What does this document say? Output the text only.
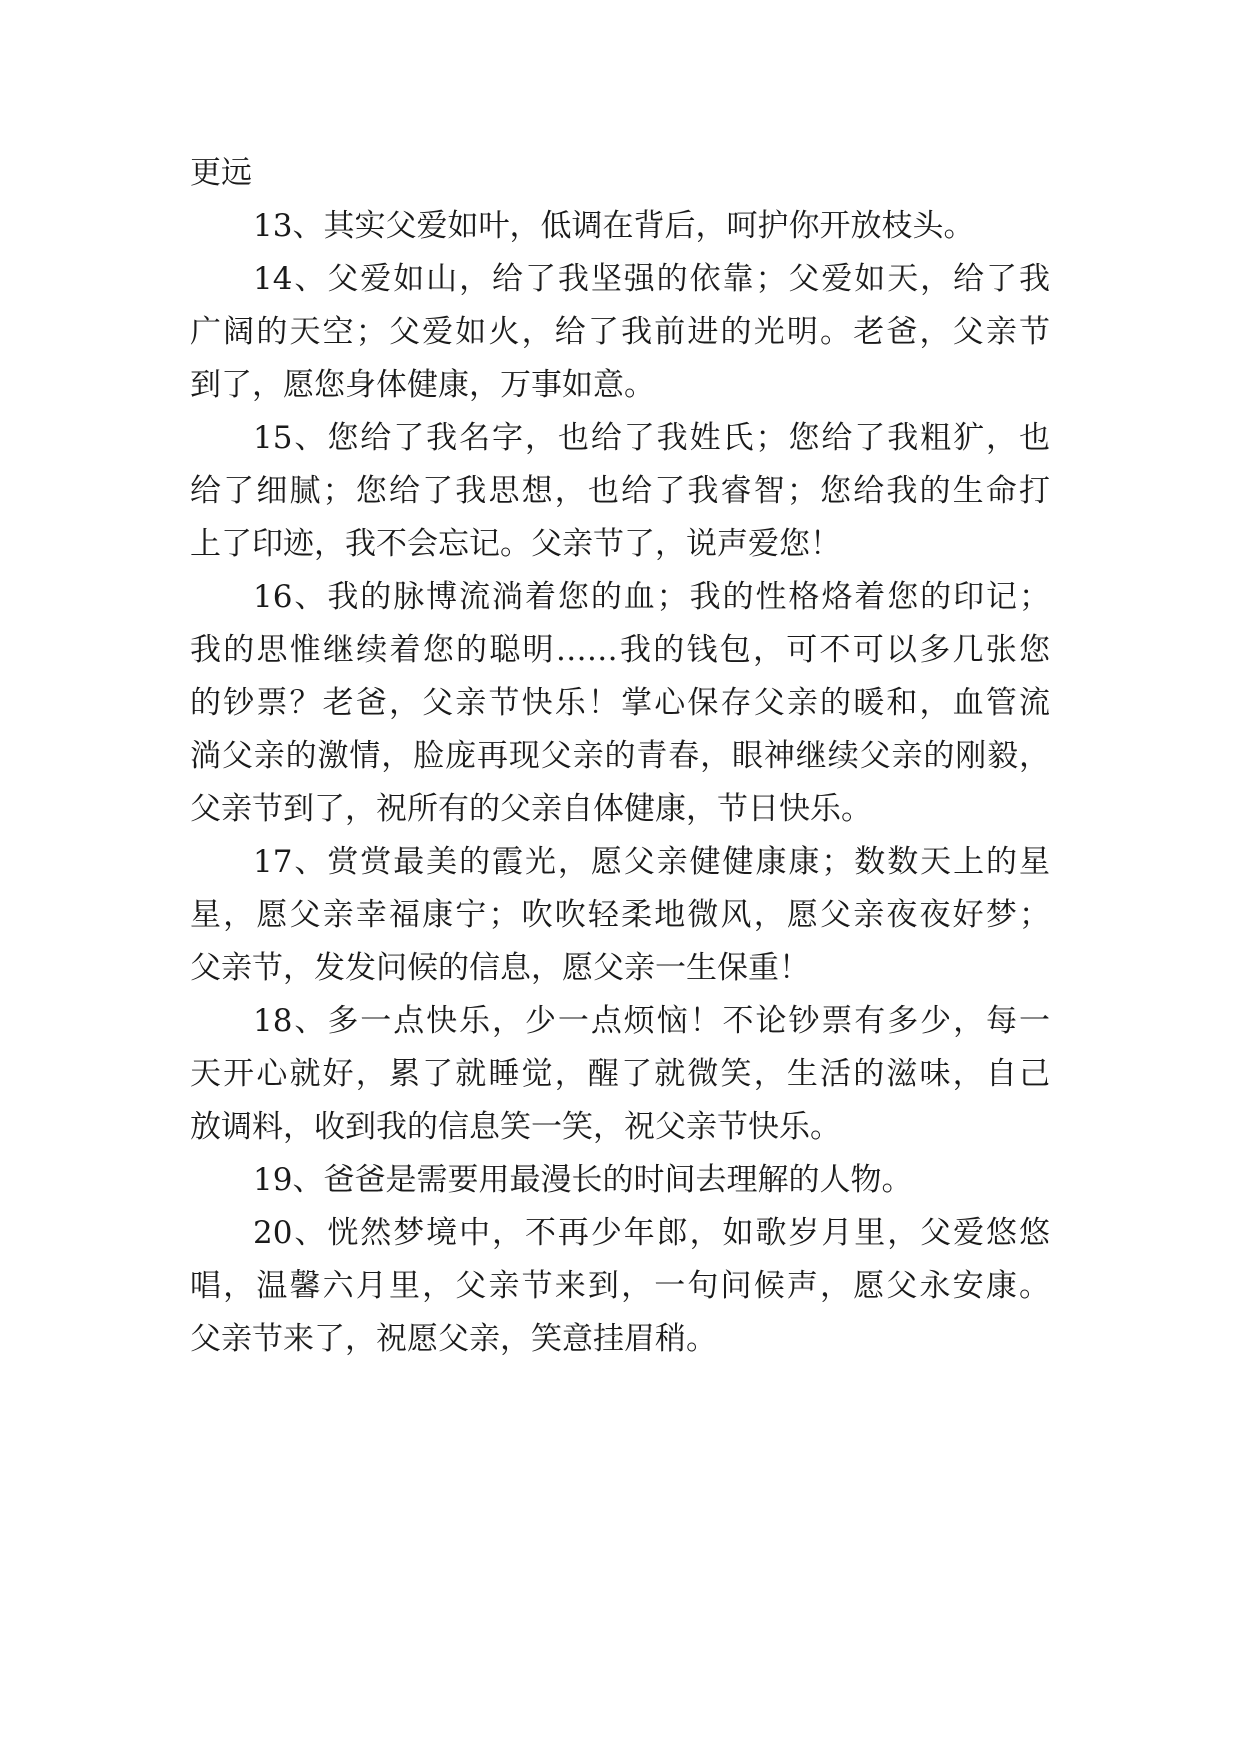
更远
13、其实父爱如叶，低调在背后，呵护你开放枝头。
14、父爱如山，给了我坚强的依靠；父爱如天，给了我
广阔的天空；父爱如火，给了我前进的光明。老爸，父亲节
到了，愿您身体健康，万事如意。
15、您给了我名字，也给了我姓氏；您给了我粗犷，也
给了细腻；您给了我思想，也给了我睿智；您给我的生命打
上了印迹，我不会忘记。父亲节了，说声爱您！
16、我的脉博流淌着您的血；我的性格烙着您的印记；
我的思惟继续着您的聪明……我的钱包，可不可以多几张您
的钞票？老爸，父亲节快乐！掌心保存父亲的暖和，血管流
淌父亲的激情，脸庞再现父亲的青春，眼神继续父亲的刚毅，
父亲节到了，祝所有的父亲自体健康，节日快乐。
17、赏赏最美的霞光，愿父亲健健康康；数数天上的星
星，愿父亲幸福康宁；吹吹轻柔地微风，愿父亲夜夜好梦；
父亲节，发发问候的信息，愿父亲一生保重！
18、多一点快乐，少一点烦恼！不论钞票有多少，每一
天开心就好，累了就睡觉，醒了就微笑，生活的滋味，自己
放调料，收到我的信息笑一笑，祝父亲节快乐。
19、爸爸是需要用最漫长的时间去理解的人物。
20、恍然梦境中，不再少年郎，如歌岁月里，父爱悠悠
唱，温馨六月里，父亲节来到，一句问候声，愿父永安康。
父亲节来了，祝愿父亲，笑意挂眉稍。
